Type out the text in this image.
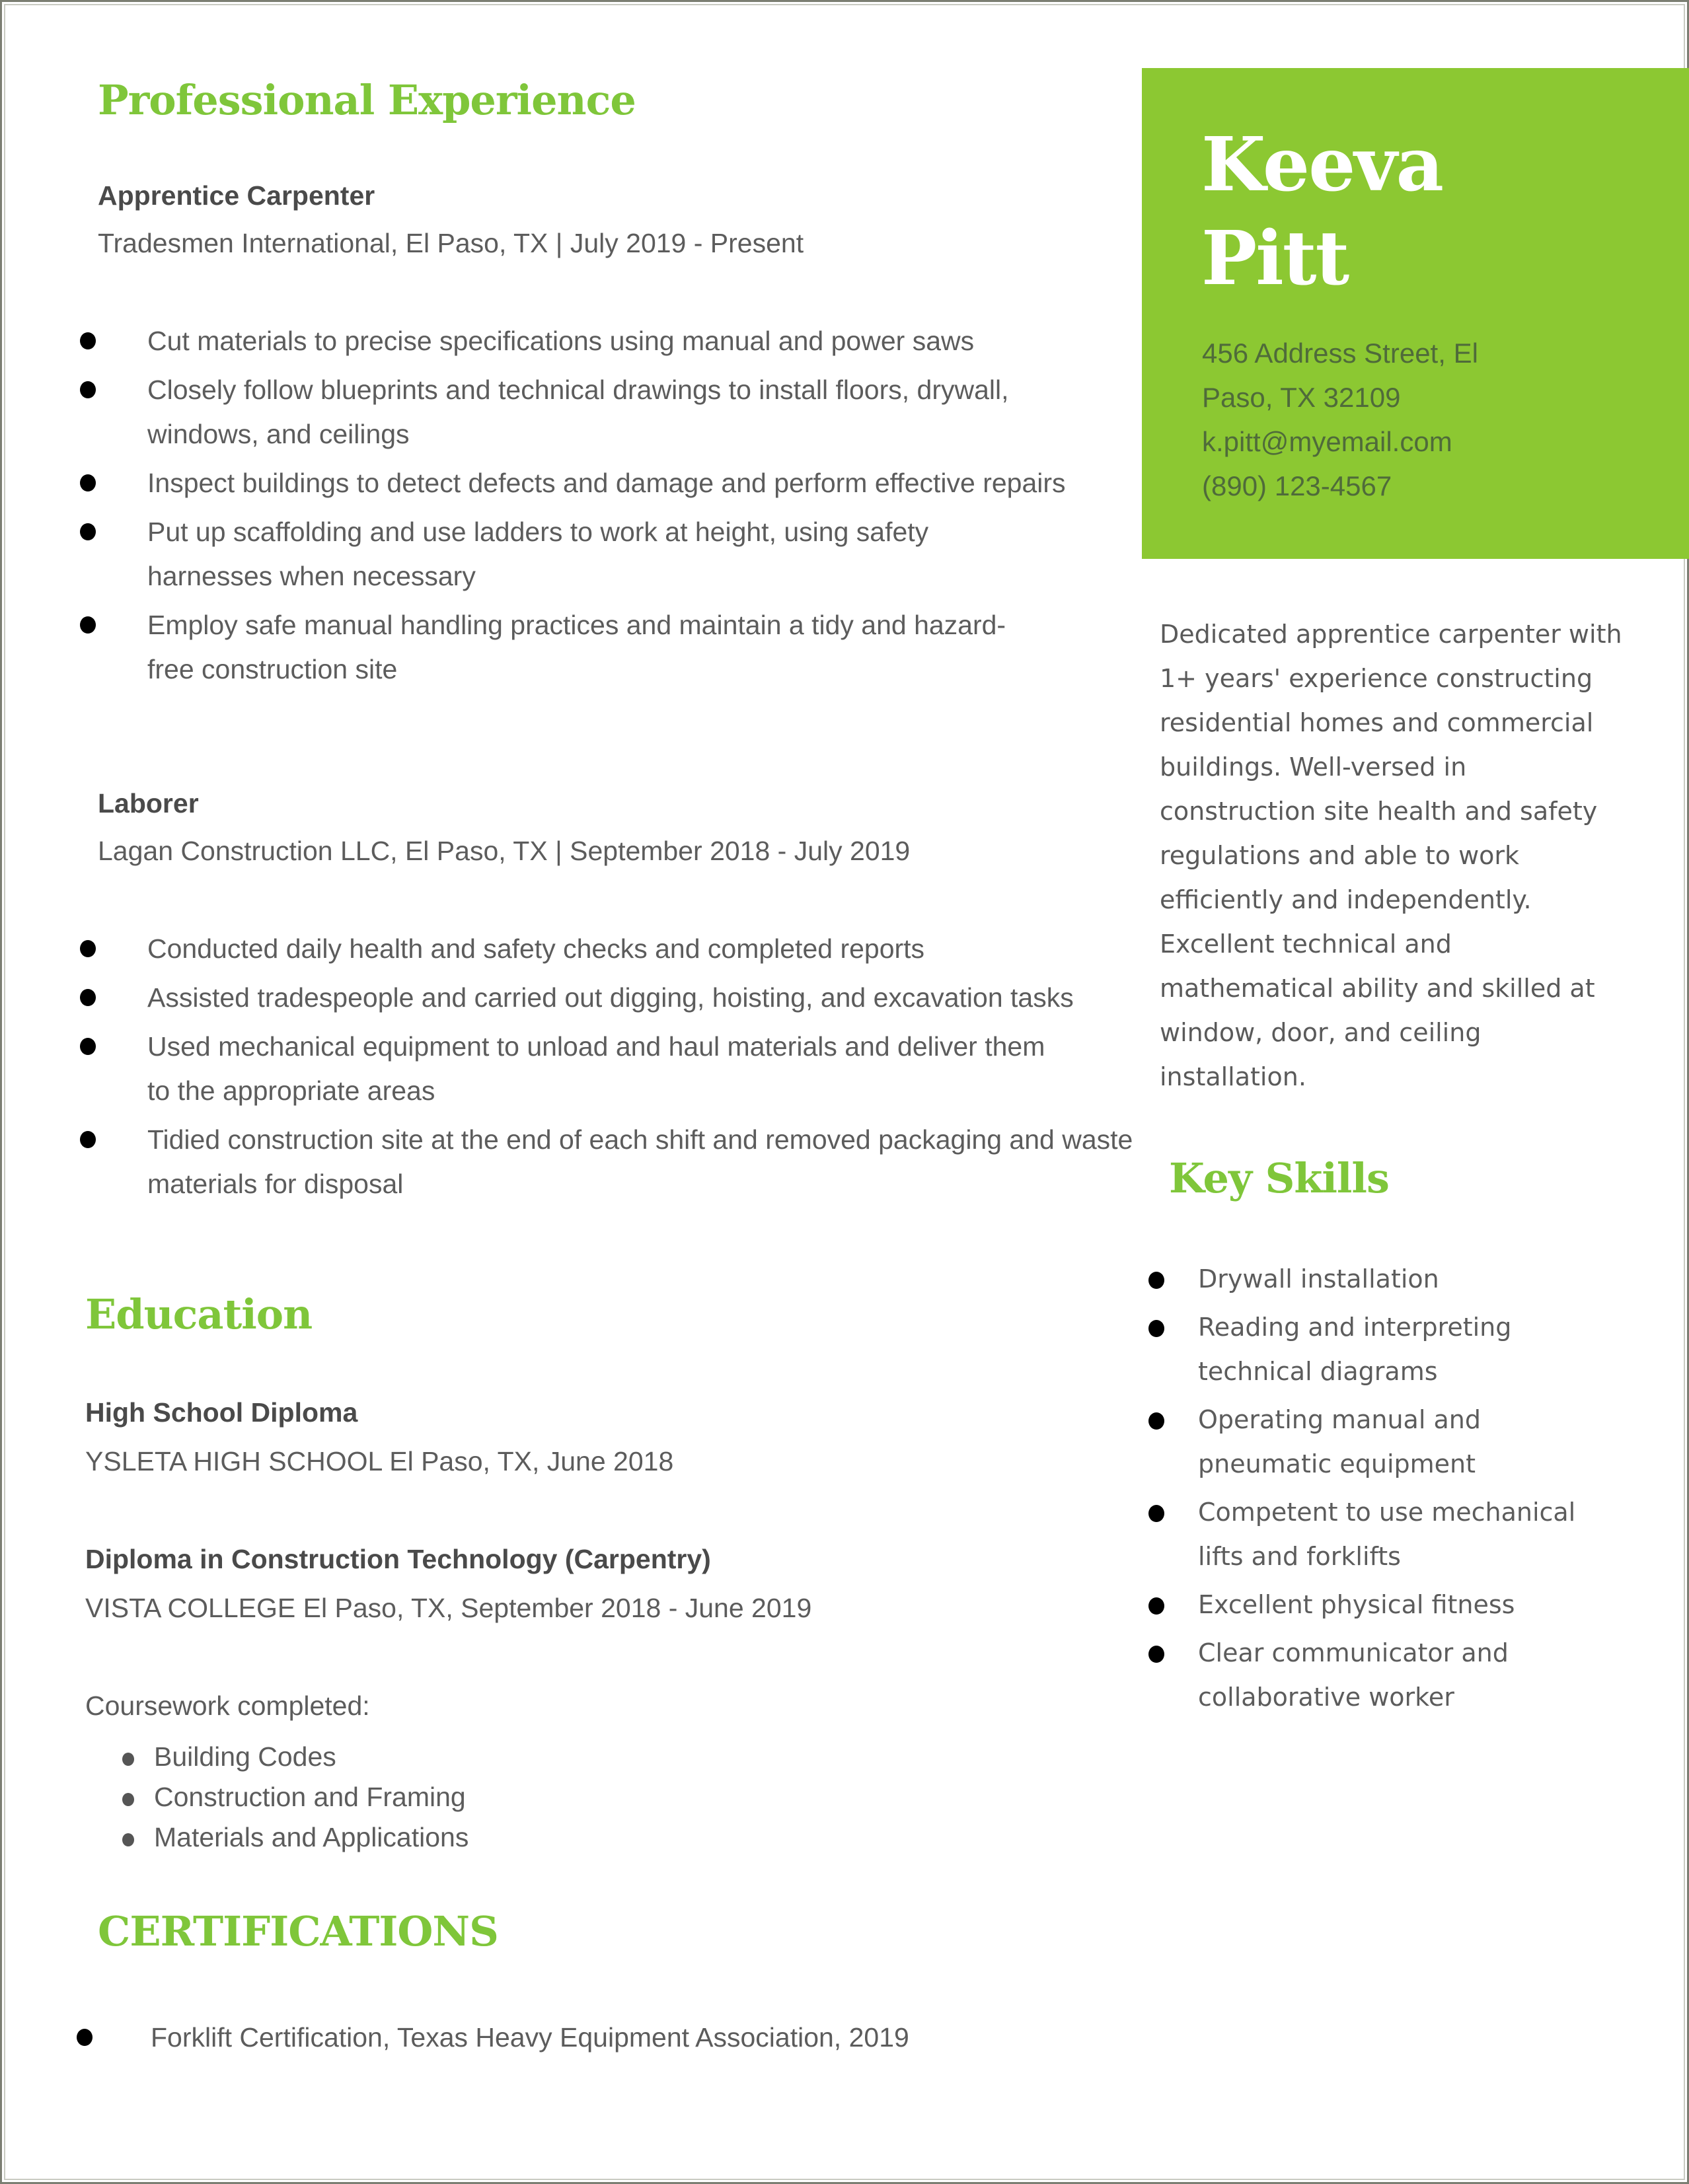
Professional Experience
Apprentice Carpenter
Tradesmen International, El Paso, TX | July 2019 - Present
Cut materials to precise specifications using manual and power saws
Closely follow blueprints and technical drawings to install floors, drywall, windows, and ceilings
Inspect buildings to detect defects and damage and perform effective repairs
Put up scaffolding and use ladders to work at height, using safety harnesses when necessary
Employ safe manual handling practices and maintain a tidy and hazard-free construction site
Laborer
Lagan Construction LLC, El Paso, TX | September 2018 - July 2019
Conducted daily health and safety checks and completed reports
Assisted tradespeople and carried out digging, hoisting, and excavation tasks
Used mechanical equipment to unload and haul materials and deliver them to the appropriate areas
Tidied construction site at the end of each shift and removed packaging and waste materials for disposal
Education
High School Diploma
YSLETA HIGH SCHOOL El Paso, TX, June 2018
Diploma in Construction Technology (Carpentry)
VISTA COLLEGE El Paso, TX, September 2018 - June 2019
Coursework completed:
Building Codes
Construction and Framing
Materials and Applications
CERTIFICATIONS
Forklift Certification, Texas Heavy Equipment Association, 2019
Keeva
Pitt
456 Address Street, El
Paso, TX 32109
k.pitt@myemail.com
(890) 123-4567
Dedicated apprentice carpenter with 1+ years' experience constructing residential homes and commercial buildings. Well-versed in construction site health and safety regulations and able to work efficiently and independently. Excellent technical and mathematical ability and skilled at window, door, and ceiling installation.
Key Skills
Drywall installation
Reading and interpreting technical diagrams
Operating manual and pneumatic equipment
Competent to use mechanical lifts and forklifts
Excellent physical fitness
Clear communicator and collaborative worker
